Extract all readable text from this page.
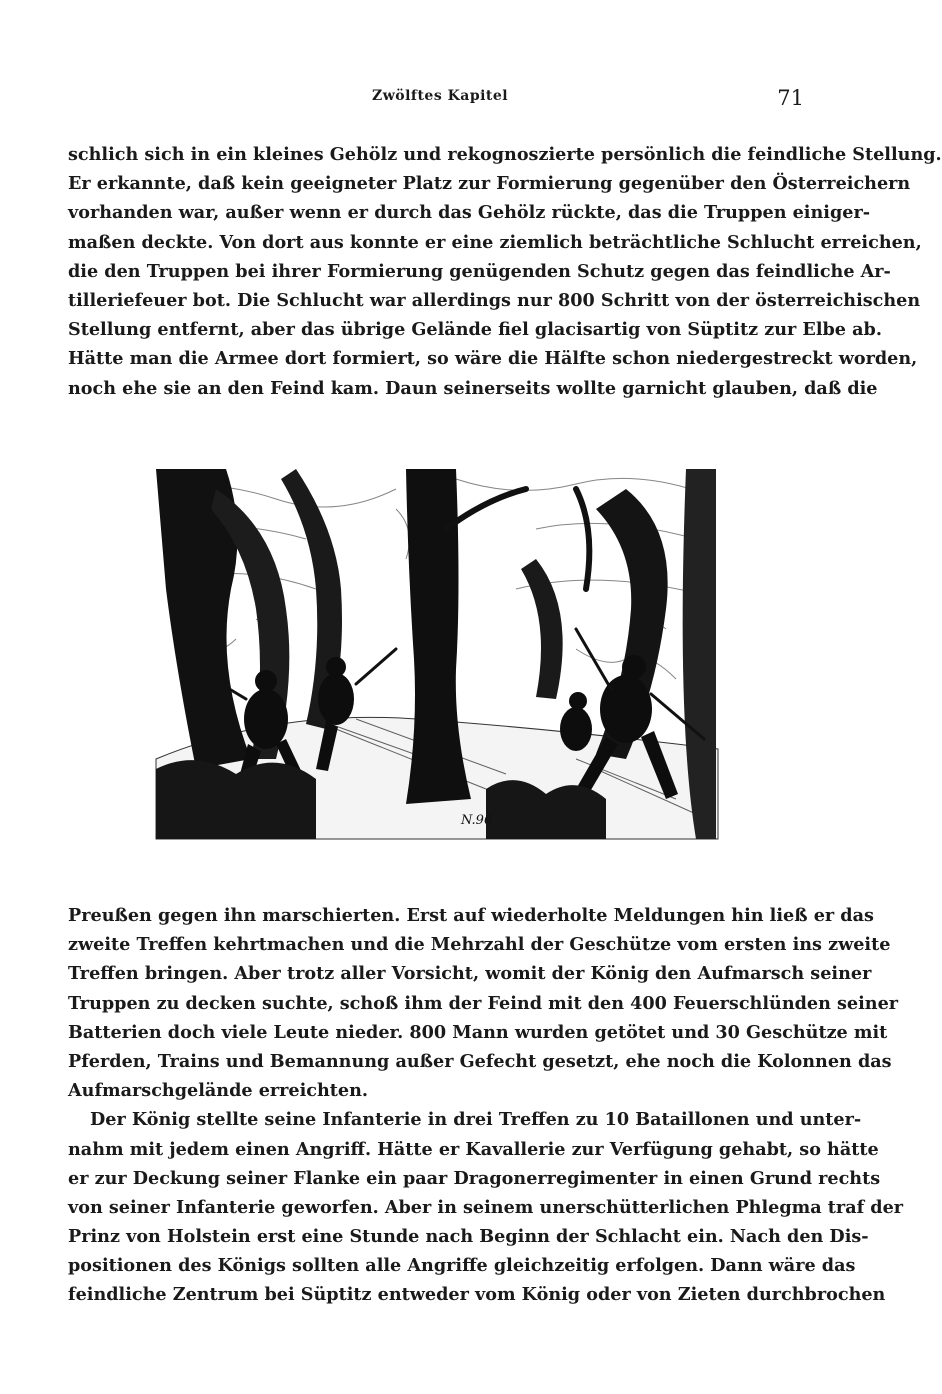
Zwölftes Kapitel	71
schlich sich in ein kleines Gehölz und rekognoszierte persönlich die feindliche Stellung.
Er erkannte, daß kein geeigneter Platz zur Formierung gegenüber den Österreichern
vorhanden war, außer wenn er durch das Gehölz rückte, das die Truppen einiger-
maßen deckte. Von dort aus konnte er eine ziemlich beträchtliche Schlucht erreichen,
die den Truppen bei ihrer Formierung genügenden Schutz gegen das feindliche Ar-
tilleriefeuer bot. Die Schlucht war allerdings nur 800 Schritt von der österreichischen
Stellung entfernt, aber das übrige Gelände fiel glacisartig von Süptitz zur Elbe ab.
Hätte man die Armee dort formiert, so wäre die Hälfte schon niedergestreckt worden,
noch ehe sie an den Feind kam. Daun seinerseits wollte garnicht glauben, daß die
N.96
Preußen gegen ihn marschierten. Erst auf wiederholte Meldungen hin ließ er das
zweite Treffen kehrtmachen und die Mehrzahl der Geschütze vom ersten ins zweite
Treffen bringen. Aber trotz aller Vorsicht, womit der König den Aufmarsch seiner
Truppen zu decken suchte, schoß ihm der Feind mit den 400 Feuerschlünden seiner
Batterien doch viele Leute nieder. 800 Mann wurden getötet und 30 Geschütze mit
Pferden, Trains und Bemannung außer Gefecht gesetzt, ehe noch die Kolonnen das
Aufmarschgelände erreichten.
Der König stellte seine Infanterie in drei Treffen zu 10 Bataillonen und unter-
nahm mit jedem einen Angriff. Hätte er Kavallerie zur Verfügung gehabt, so hätte
er zur Deckung seiner Flanke ein paar Dragonerregimenter in einen Grund rechts
von seiner Infanterie geworfen. Aber in seinem unerschütterlichen Phlegma traf der
Prinz von Holstein erst eine Stunde nach Beginn der Schlacht ein. Nach den Dis-
positionen des Königs sollten alle Angriffe gleichzeitig erfolgen. Dann wäre das
feindliche Zentrum bei Süptitz entweder vom König oder von Zieten durchbrochen
